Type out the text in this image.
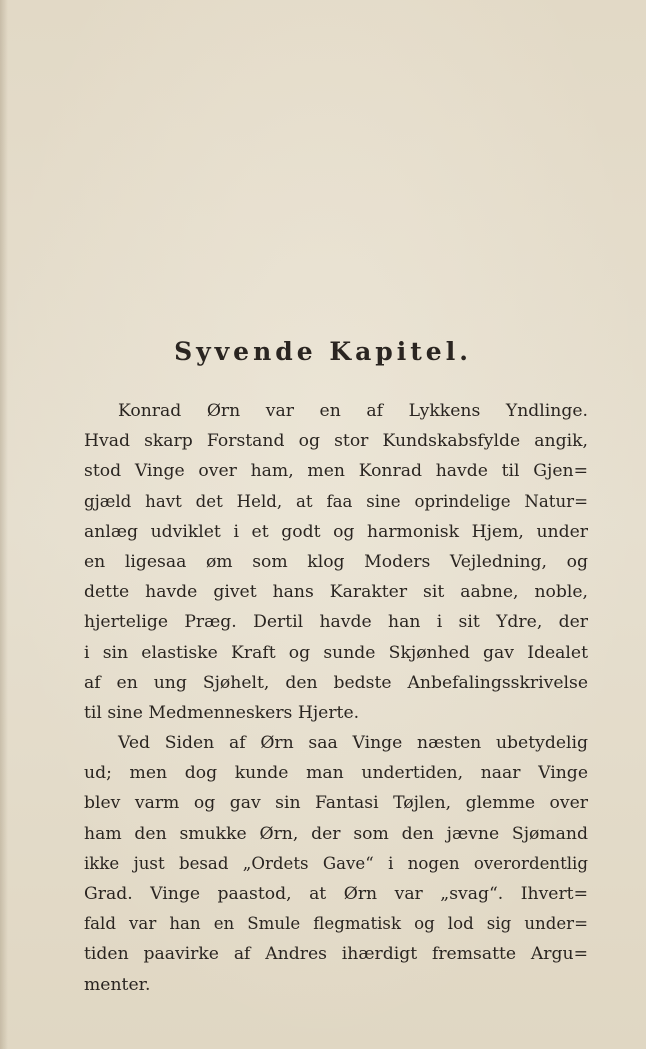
Syvende Kapitel.
Konrad Ørn var en af Lykkens Yndlinge.
Hvad skarp Forstand og stor Kundskabsfylde angik,
stod Vinge over ham, men Konrad havde til Gjen=
gjæld havt det Held, at faa sine oprindelige Natur=
anlæg udviklet i et godt og harmonisk Hjem, under
en ligesaa øm som klog Moders Vejledning, og
dette havde givet hans Karakter sit aabne, noble,
hjertelige Præg. Dertil havde han i sit Ydre, der
i sin elastiske Kraft og sunde Skjønhed gav Idealet
af en ung Sjøhelt, den bedste Anbefalingsskrivelse
til sine Medmenneskers Hjerte.
Ved Siden af Ørn saa Vinge næsten ubetydelig
ud; men dog kunde man undertiden, naar Vinge
blev varm og gav sin Fantasi Tøjlen, glemme over
ham den smukke Ørn, der som den jævne Sjømand
ikke just besad „Ordets Gave“ i nogen overordentlig
Grad. Vinge paastod, at Ørn var „svag“. Ihvert=
fald var han en Smule flegmatisk og lod sig under=
tiden paavirke af Andres ihærdigt fremsatte Argu=
menter.
